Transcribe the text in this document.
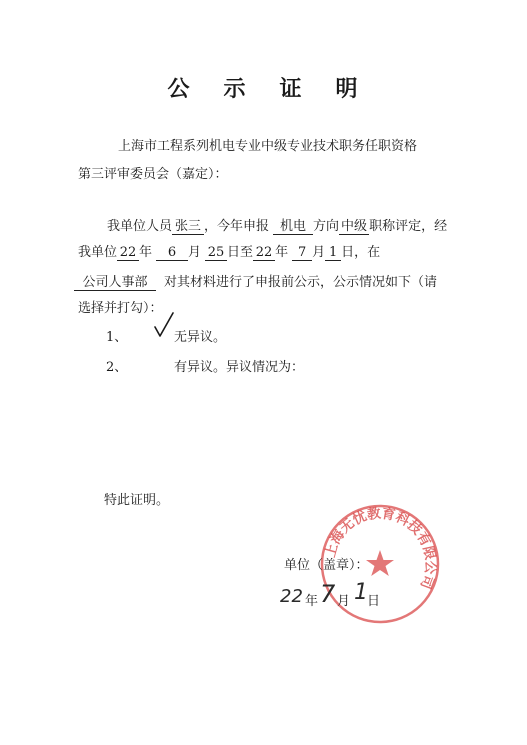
公 示 证 明
上海市工程系列机电专业中级专业技术职务任职资格
第三评审委员会（嘉定）：
我单位人员 张三 ，今年申报 机电 方向 中级 职称评定，经
我单位 22 年 6 月 25 日至 22 年 7 月 1 日，在
公司人事部 对其材料进行了申报前公示，公示情况如下（请
选择并打勾）：
1、	无异议。
2、	有异议。异议情况为：
特此证明。
上海无忧教育科技有限公司
单位（盖章）：
22 年 7 月 1 日
